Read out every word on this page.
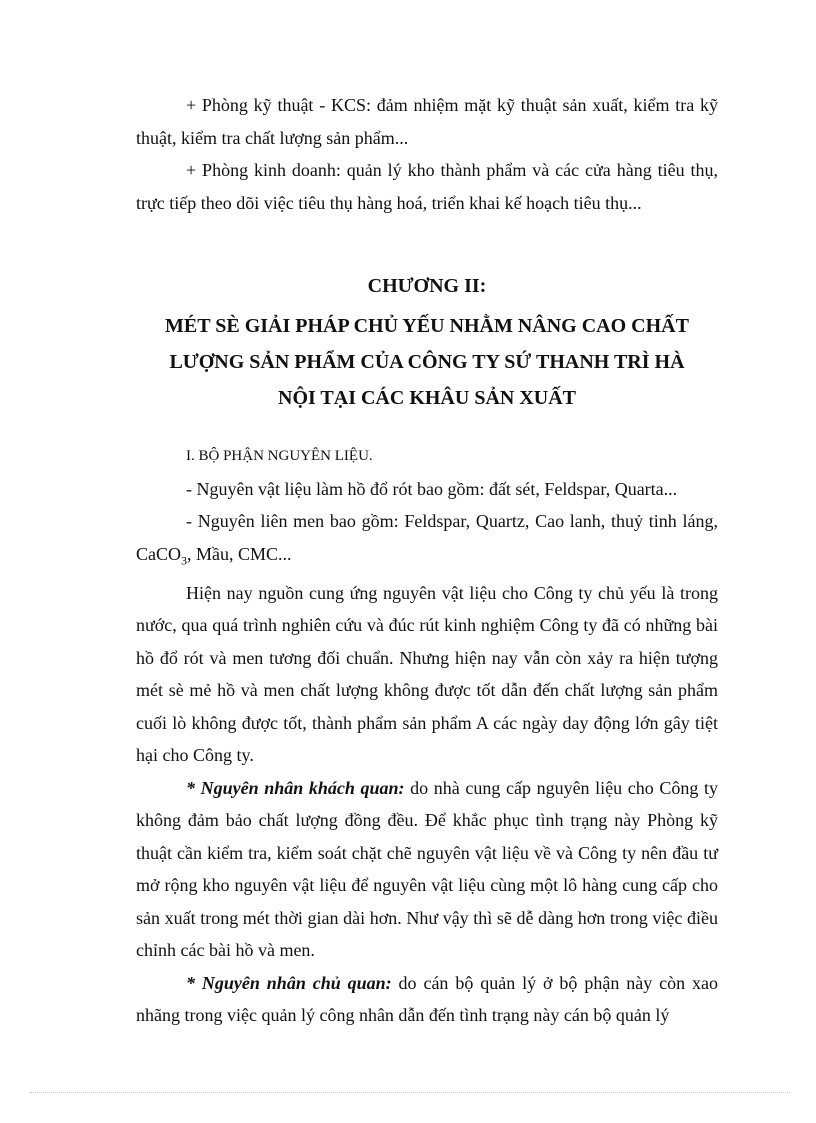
+ Phòng kỹ thuật - KCS: đảm nhiệm mặt kỹ thuật sản xuất, kiểm tra kỹ thuật, kiểm tra chất lượng sản phẩm...

+ Phòng kinh doanh: quản lý kho thành phẩm và các cửa hàng tiêu thụ, trực tiếp theo dõi việc tiêu thụ hàng hoá, triển khai kế hoạch tiêu thụ...

CHƯƠNG II:
MÉT SÈ GIẢI PHÁP CHỦ YẾU NHẰM NÂNG CAO CHẤT
LƯỢNG SẢN PHẨM CỦA CÔNG TY SỨ THANH TRÌ HÀ
NỘI TẠI CÁC KHÂU SẢN XUẤT

I. BỘ PHẬN NGUYÊN LIỆU.

- Nguyên vật liệu làm hồ đổ rót bao gồm: đất sét, Feldspar, Quarta...

- Nguyên liên men bao gồm: Feldspar, Quartz, Cao lanh, thuỷ tinh láng, CaCO$_3$, Mầu, CMC...

Hiện nay nguồn cung ứng nguyên vật liệu cho Công ty chủ yếu là trong nước, qua quá trình nghiên cứu và đúc rút kinh nghiệm Công ty đã có những bài hồ đổ rót và men tương đối chuẩn. Nhưng hiện nay vẫn còn xảy ra hiện tượng mét sè mẻ hồ và men chất lượng không được tốt dẫn đến chất lượng sản phẩm cuối lò không được tốt, thành phẩm sản phẩm A các ngày day động lớn gây tiệt hại cho Công ty.

* Nguyên nhân khách quan: do nhà cung cấp nguyên liệu cho Công ty không đảm bảo chất lượng đồng đều. Để khắc phục tình trạng này Phòng kỹ thuật cần kiểm tra, kiểm soát chặt chẽ nguyên vật liệu về và Công ty nên đầu tư mở rộng kho nguyên vật liệu để nguyên vật liệu cùng một lô hàng cung cấp cho sản xuất trong mét thời gian dài hơn. Như vậy thì sẽ dễ dàng hơn trong việc điều chỉnh các bài hồ và men.

* Nguyên nhân chủ quan: do cán bộ quản lý ở bộ phận này còn xao nhãng trong việc quản lý công nhân dẫn đến tình trạng này cán bộ quản lý
